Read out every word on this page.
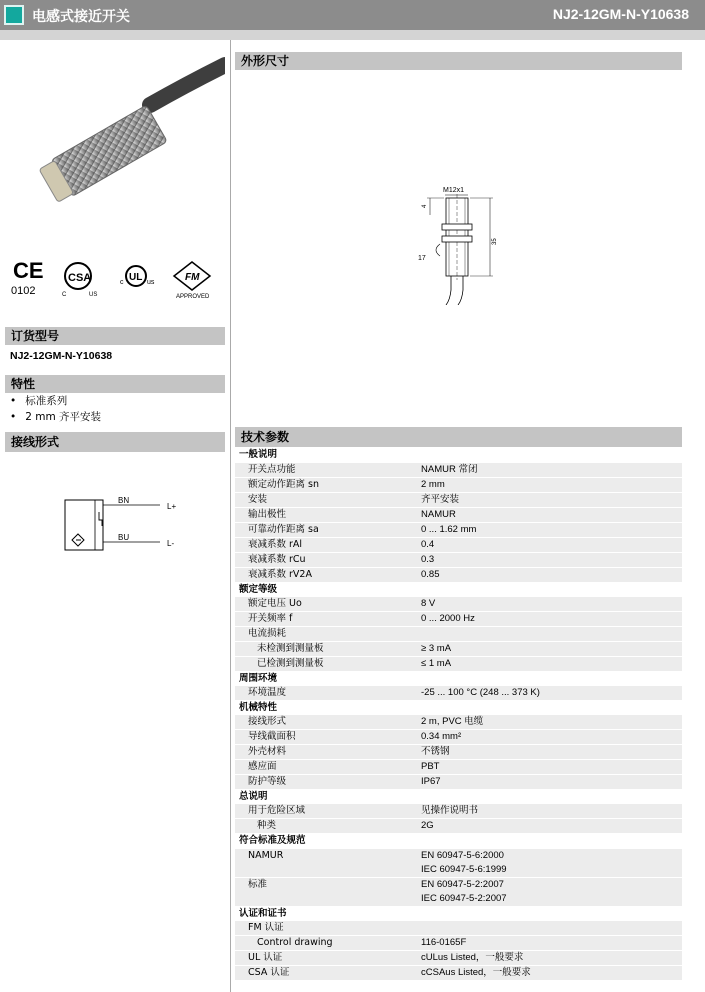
电感式接近开关	NJ2-12GM-N-Y10638
CE
0102
CSA
C	US
c UL us	FM
APPROVED
订货型号
NJ2-12GM-N-Y10638
特性
• 标准系列
• 2 mm 齐平安装
接线形式
BN
BU
L+
L-
外形尺寸
M12x1
4
35
17
技术参数
一般说明	
开关点功能	NAMUR 常闭

额定动作距离 sn	2 mm

安装	齐平安装

输出极性	NAMUR

可靠动作距离 sa	0 ... 1.62 mm

衰减系数 rAl	0.4

衰减系数 rCu	0.3

衰减系数 rV2A	0.85

额定等级	
额定电压 Uo	8 V

开关频率 f	0 ... 2000 Hz

电流损耗	

未检测到测量板	≥ 3 mA

已检测到测量板	≤ 1 mA

周围环境	
环境温度	-25 ... 100 °C (248 ... 373 K)

机械特性	
接线形式	2 m, PVC 电缆

导线截面积	0.34 mm²

外壳材料	不锈钢

感应面	PBT

防护等级	IP67

总说明	
用于危险区域	见操作说明书

种类	2G

符合标准及规范	
NAMUR	EN 60947-5-6:2000
IEC 60947-5-6:1999

标准	EN 60947-5-2:2007
IEC 60947-5-2:2007

认证和证书	
FM 认证	

Control drawing	116-0165F

UL 认证	cULus Listed，一般要求

CSA 认证	cCSAus Listed，一般要求
